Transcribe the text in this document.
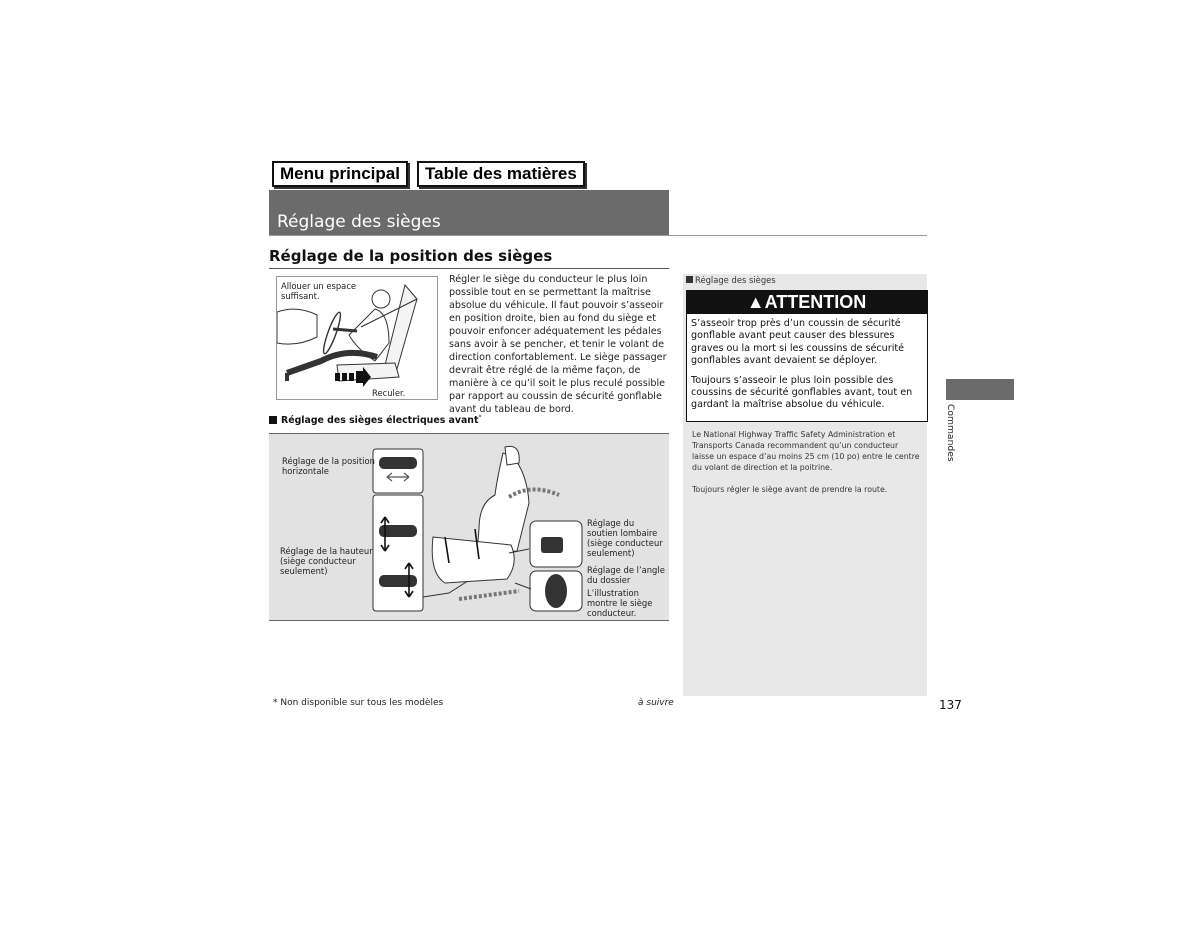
Menu principal	Table des matières
Réglage des sièges
Réglage de la position des sièges
Allouer un espace suffisant.
Reculer.
Régler le siège du conducteur le plus loin possible tout en se permettant la maîtrise absolue du véhicule. Il faut pouvoir s’asseoir en position droite, bien au fond du siège et pouvoir enfoncer adéquatement les pédales sans avoir à se pencher, et tenir le volant de direction confortablement. Le siège passager devrait être réglé de la même façon, de manière à ce qu’il soit le plus reculé possible par rapport au coussin de sécurité gonflable avant du tableau de bord.
Réglage des sièges électriques avant*
Réglage de la position horizontale
Réglage de la hauteur (siège conducteur seulement)
Réglage du soutien lombaire (siège conducteur seulement)
Réglage de l’angle du dossier
L’illustration montre le siège conducteur.
Réglage des sièges
▲ATTENTION
S’asseoir trop près d’un coussin de sécurité gonflable avant peut causer des blessures graves ou la mort si les coussins de sécurité gonflables avant devaient se déployer.
Toujours s’asseoir le plus loin possible des coussins de sécurité gonflables avant, tout en gardant la maîtrise absolue du véhicule.
Le National Highway Traffic Safety Administration et Transports Canada recommandent qu’un conducteur laisse un espace d’au moins 25 cm (10 po) entre le centre du volant de direction et la poitrine.
Toujours régler le siège avant de prendre la route.
Commandes
* Non disponible sur tous les modèles	à suivre	137
